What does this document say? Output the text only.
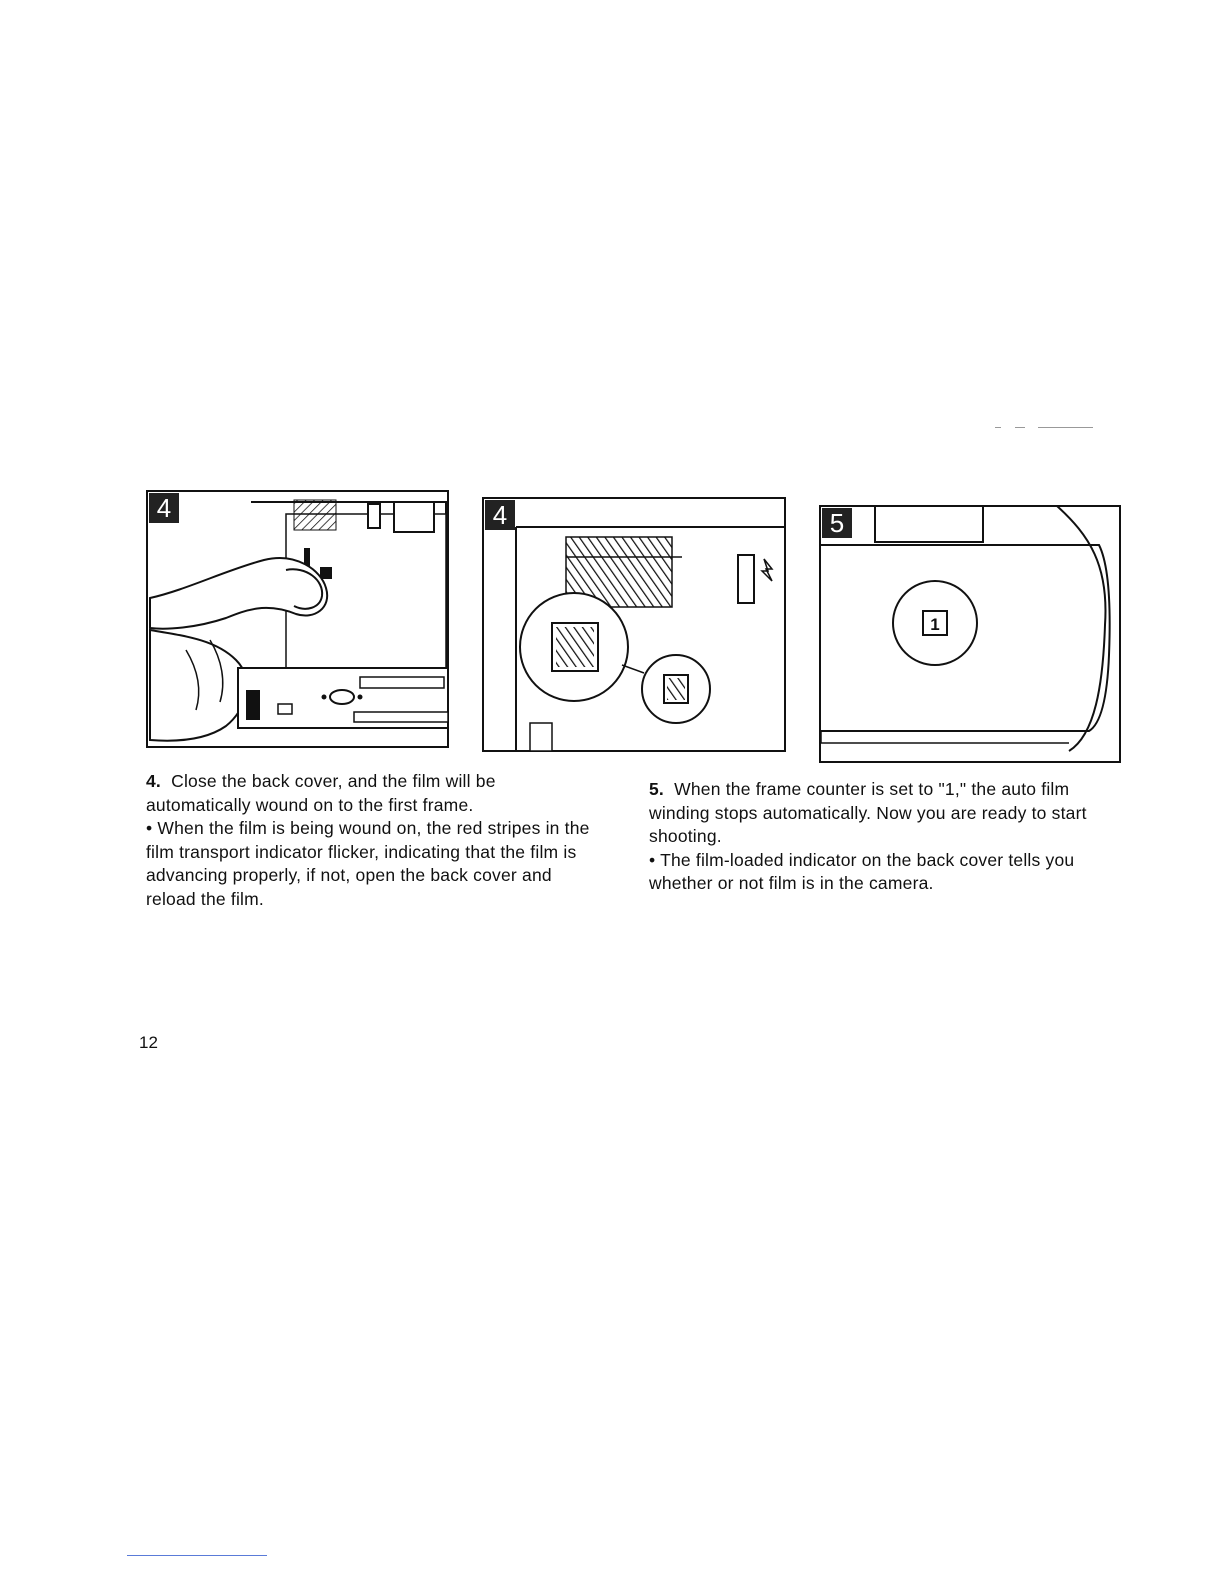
4	4
1
5

4. Close the back cover, and the film will be automatically wound on to the first frame.

• When the film is being wound on, the red stripes in the film transport indicator flicker, indicating that the film is advancing properly, if not, open the back cover and reload the film.

5. When the frame counter is set to "1," the auto film winding stops automatically. Now you are ready to start shooting.

• The film-loaded indicator on the back cover tells you whether or not film is in the camera.

12
